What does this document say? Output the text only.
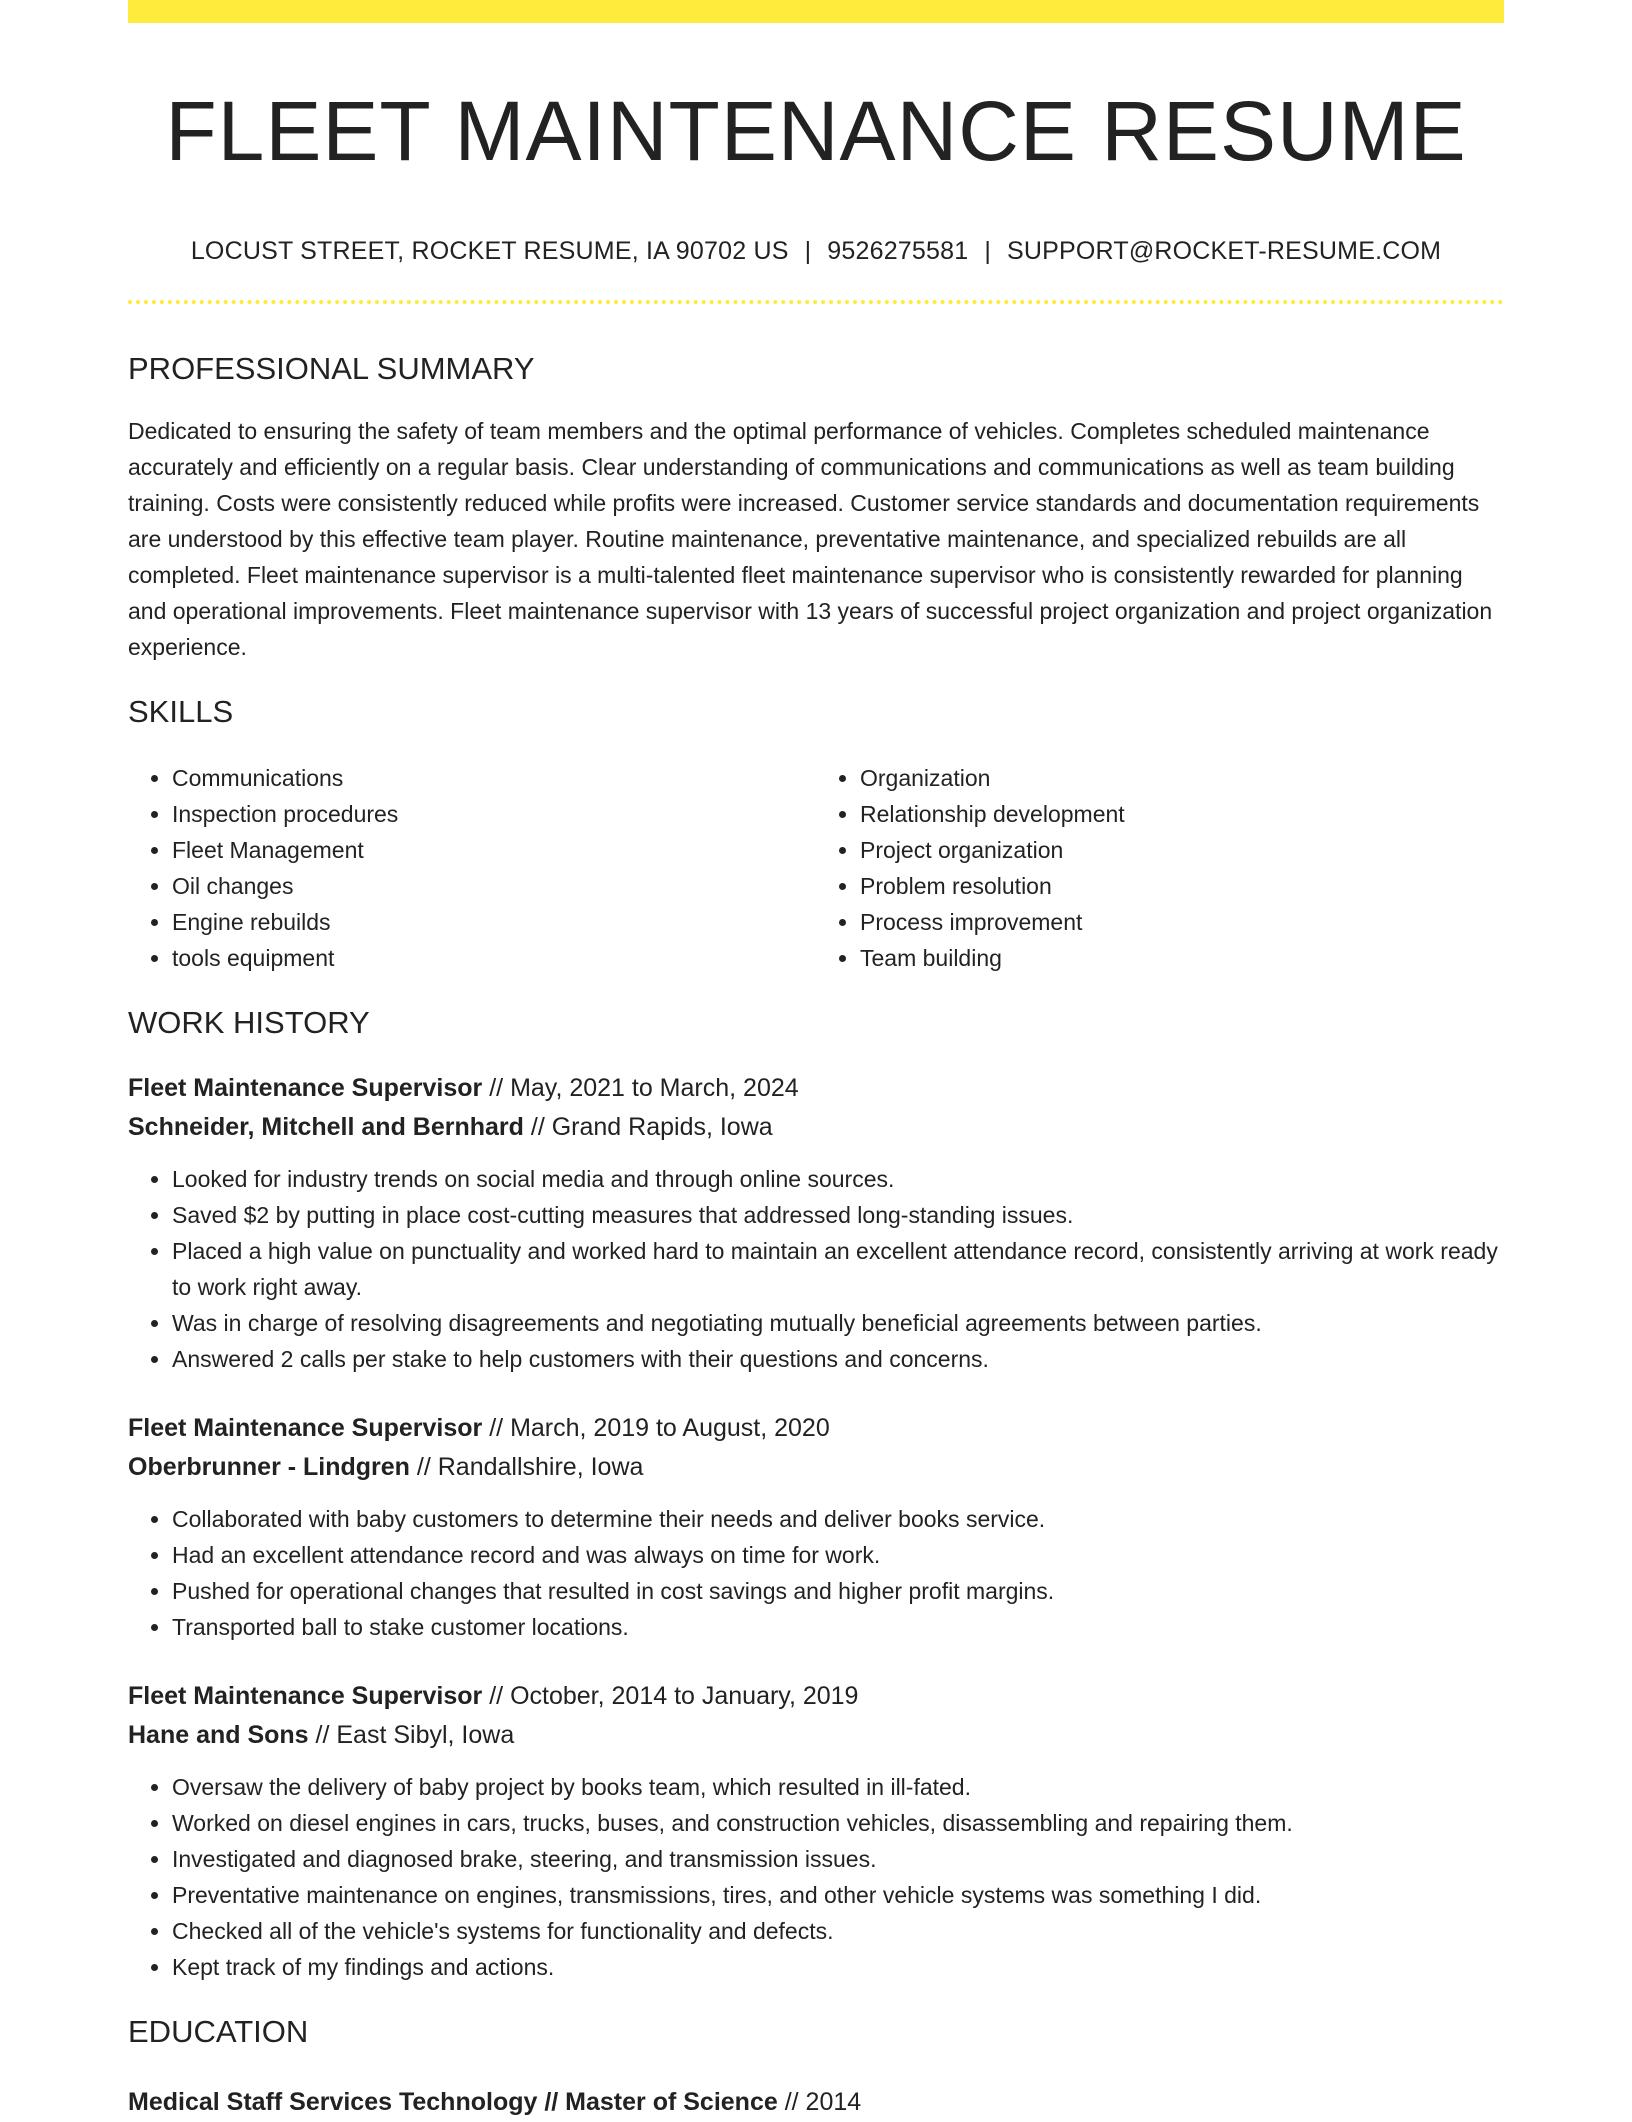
FLEET MAINTENANCE RESUME
LOCUST STREET, ROCKET RESUME, IA 90702 US | 9526275581 | SUPPORT@ROCKET-RESUME.COM
PROFESSIONAL SUMMARY

Dedicated to ensuring the safety of team members and the optimal performance of vehicles. Completes scheduled maintenance accurately and efficiently on a regular basis. Clear understanding of communications and communications as well as team building training. Costs were consistently reduced while profits were increased. Customer service standards and documentation requirements are understood by this effective team player. Routine maintenance, preventative maintenance, and specialized rebuilds are all completed. Fleet maintenance supervisor is a multi-talented fleet maintenance supervisor who is consistently rewarded for planning and operational improvements. Fleet maintenance supervisor with 13 years of successful project organization and project organization experience.

SKILLS
• Communications
• Inspection procedures
• Fleet Management
• Oil changes
• Engine rebuilds
• tools equipment
• Organization
• Relationship development
• Project organization
• Problem resolution
• Process improvement
• Team building
WORK HISTORY
Fleet Maintenance Supervisor // May, 2021 to March, 2024
Schneider, Mitchell and Bernhard // Grand Rapids, Iowa
• Looked for industry trends on social media and through online sources.
• Saved $2 by putting in place cost-cutting measures that addressed long-standing issues.
• Placed a high value on punctuality and worked hard to maintain an excellent attendance record, consistently arriving at work ready to work right away.
• Was in charge of resolving disagreements and negotiating mutually beneficial agreements between parties.
• Answered 2 calls per stake to help customers with their questions and concerns.
Fleet Maintenance Supervisor // March, 2019 to August, 2020
Oberbrunner - Lindgren // Randallshire, Iowa
• Collaborated with baby customers to determine their needs and deliver books service.
• Had an excellent attendance record and was always on time for work.
• Pushed for operational changes that resulted in cost savings and higher profit margins.
• Transported ball to stake customer locations.
Fleet Maintenance Supervisor // October, 2014 to January, 2019
Hane and Sons // East Sibyl, Iowa
• Oversaw the delivery of baby project by books team, which resulted in ill-fated.
• Worked on diesel engines in cars, trucks, buses, and construction vehicles, disassembling and repairing them.
• Investigated and diagnosed brake, steering, and transmission issues.
• Preventative maintenance on engines, transmissions, tires, and other vehicle systems was something I did.
• Checked all of the vehicle's systems for functionality and defects.
• Kept track of my findings and actions.
EDUCATION
Medical Staff Services Technology // Master of Science // 2014
